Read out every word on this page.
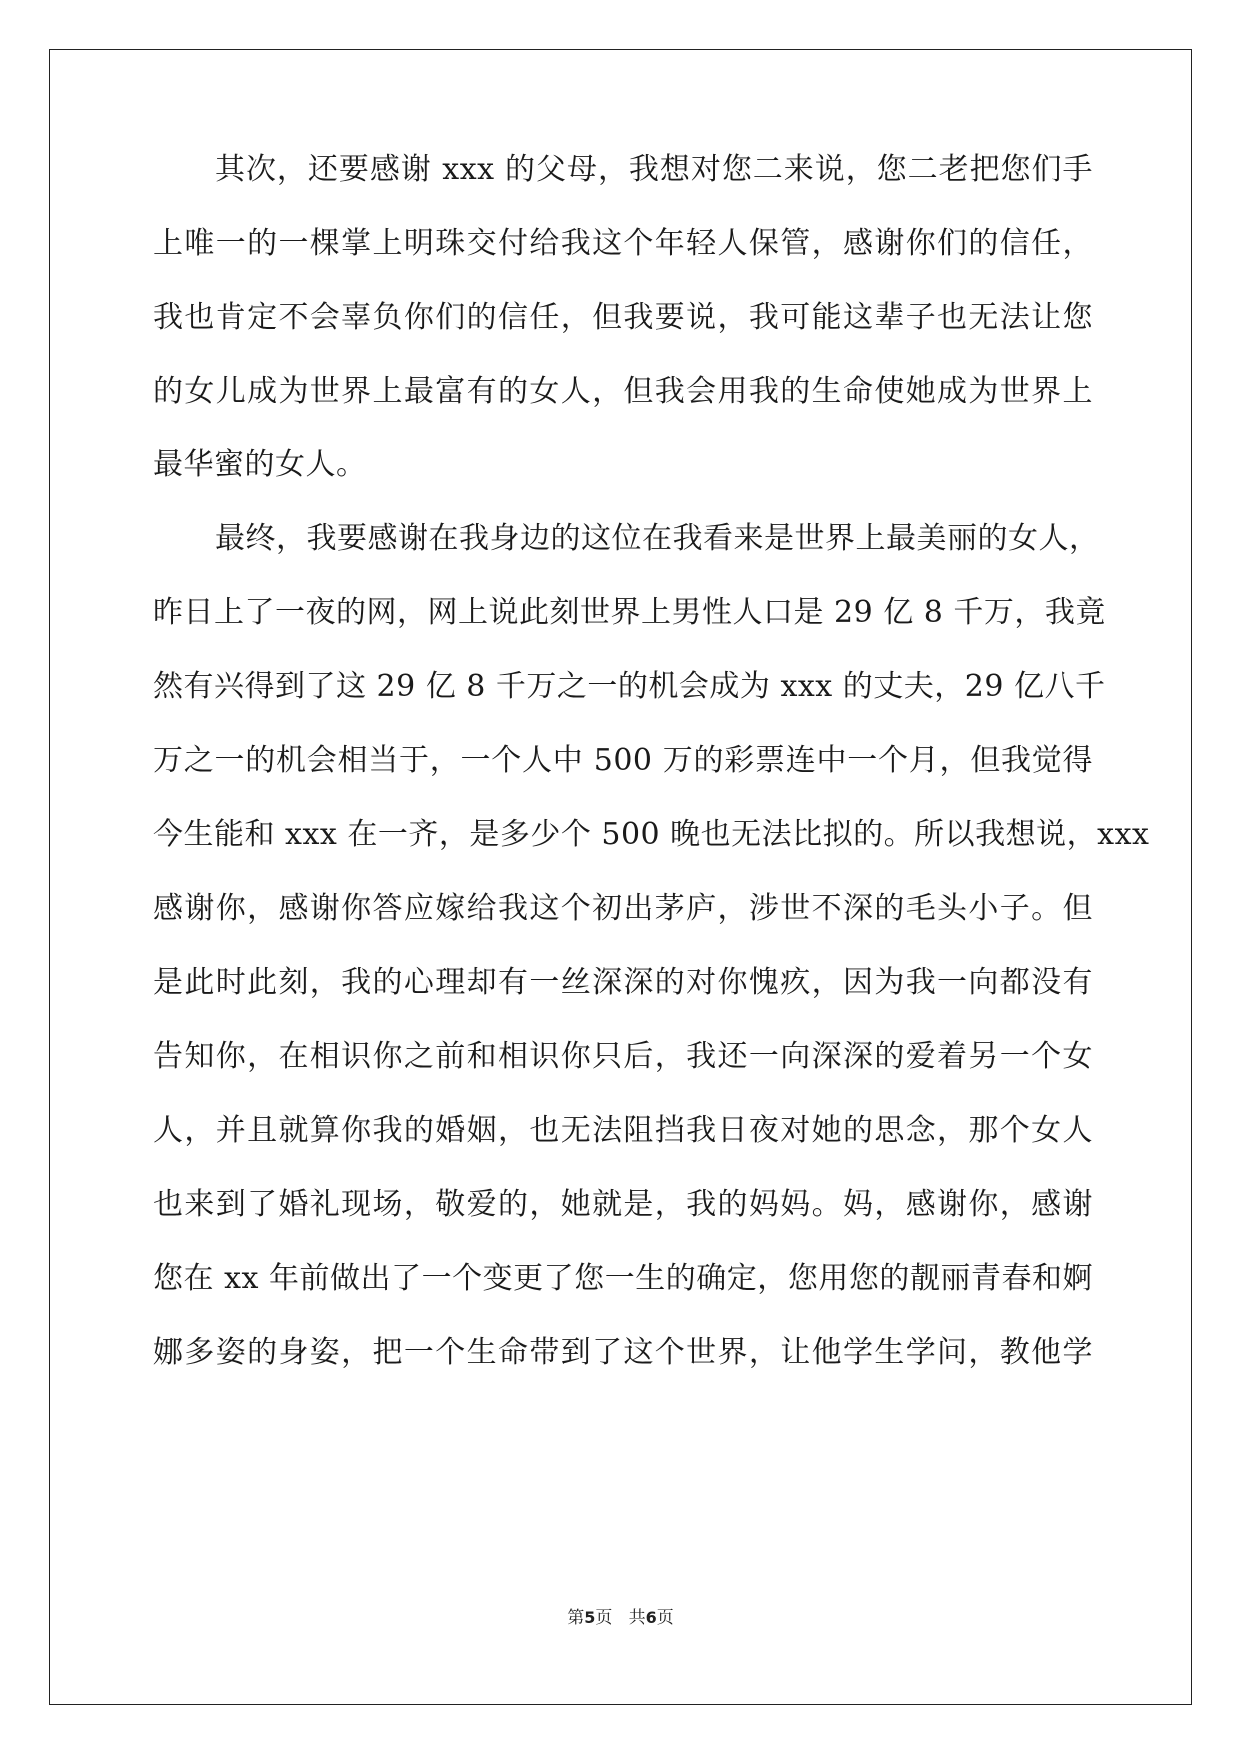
其次，还要感谢 xxx 的父母，我想对您二来说，您二老把您们手
上唯一的一棵掌上明珠交付给我这个年轻人保管，感谢你们的信任，
我也肯定不会辜负你们的信任，但我要说，我可能这辈子也无法让您
的女儿成为世界上最富有的女人，但我会用我的生命使她成为世界上
最华蜜的女人。
最终，我要感谢在我身边的这位在我看来是世界上最美丽的女人，
昨日上了一夜的网，网上说此刻世界上男性人口是 29 亿 8 千万，我竟
然有兴得到了这 29 亿 8 千万之一的机会成为 xxx 的丈夫，29 亿八千
万之一的机会相当于，一个人中 500 万的彩票连中一个月，但我觉得
今生能和 xxx 在一齐，是多少个 500 晚也无法比拟的。所以我想说，xxx
感谢你，感谢你答应嫁给我这个初出茅庐，涉世不深的毛头小子。但
是此时此刻，我的心理却有一丝深深的对你愧疚，因为我一向都没有
告知你，在相识你之前和相识你只后，我还一向深深的爱着另一个女
人，并且就算你我的婚姻，也无法阻挡我日夜对她的思念，那个女人
也来到了婚礼现场，敬爱的，她就是，我的妈妈。妈，感谢你，感谢
您在 xx 年前做出了一个变更了您一生的确定，您用您的靓丽青春和婀
娜多姿的身姿，把一个生命带到了这个世界，让他学生学问，教他学
第5页 共6页
